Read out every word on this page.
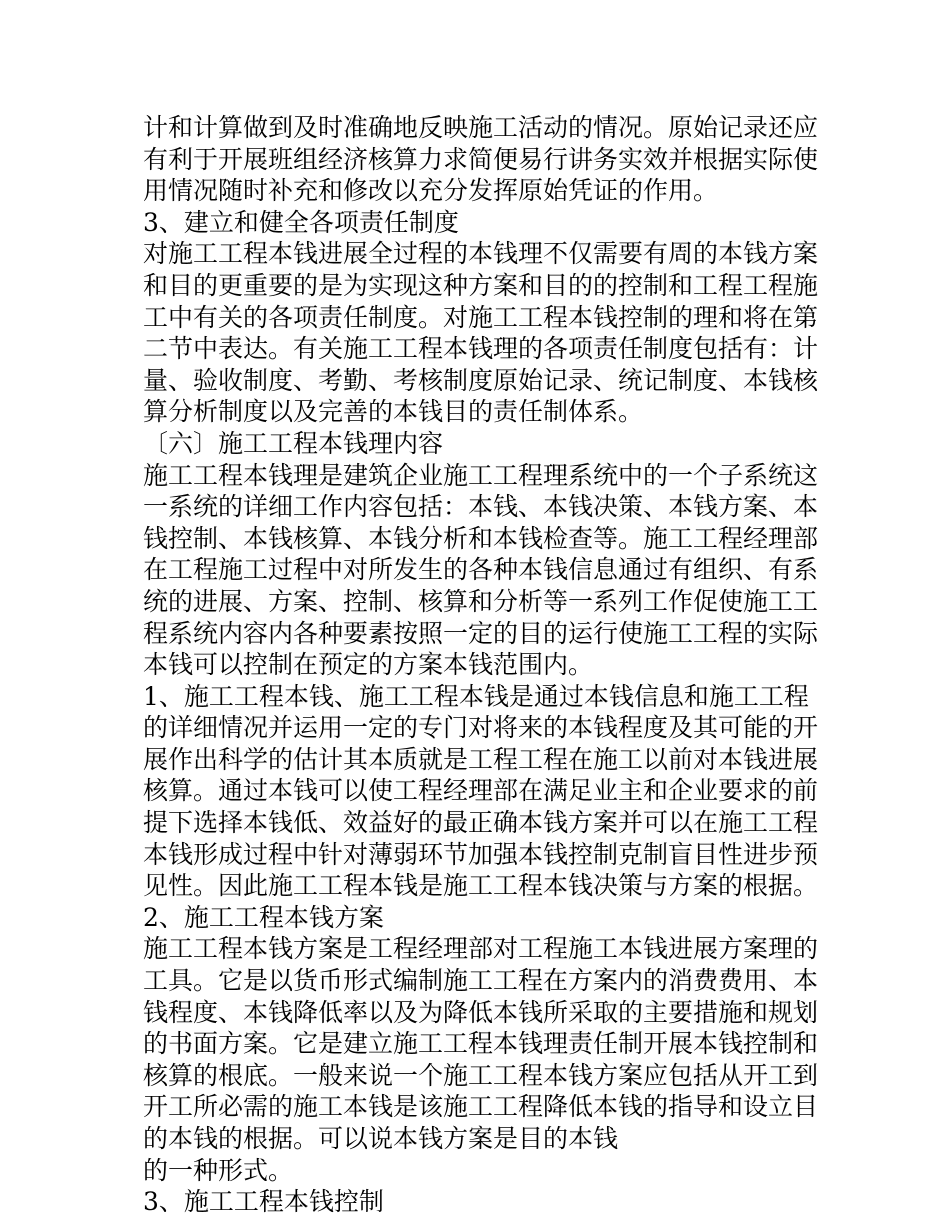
计和计算做到及时准确地反映施工活动的情况。原始记录还应
有利于开展班组经济核算力求简便易行讲务实效并根据实际使
用情况随时补充和修改以充分发挥原始凭证的作用。
3、建立和健全各项责任制度
对施工工程本钱进展全过程的本钱理不仅需要有周的本钱方案
和目的更重要的是为实现这种方案和目的的控制和工程工程施
工中有关的各项责任制度。对施工工程本钱控制的理和将在第
二节中表达。有关施工工程本钱理的各项责任制度包括有：计
量、验收制度、考勤、考核制度原始记录、统记制度、本钱核
算分析制度以及完善的本钱目的责任制体系。
〔六〕施工工程本钱理内容
施工工程本钱理是建筑企业施工工程理系统中的一个子系统这
一系统的详细工作内容包括：本钱、本钱决策、本钱方案、本
钱控制、本钱核算、本钱分析和本钱检查等。施工工程经理部
在工程施工过程中对所发生的各种本钱信息通过有组织、有系
统的进展、方案、控制、核算和分析等一系列工作促使施工工
程系统内容内各种要素按照一定的目的运行使施工工程的实际
本钱可以控制在预定的方案本钱范围内。
1、施工工程本钱、施工工程本钱是通过本钱信息和施工工程
的详细情况并运用一定的专门对将来的本钱程度及其可能的开
展作出科学的估计其本质就是工程工程在施工以前对本钱进展
核算。通过本钱可以使工程经理部在满足业主和企业要求的前
提下选择本钱低、效益好的最正确本钱方案并可以在施工工程
本钱形成过程中针对薄弱环节加强本钱控制克制盲目性进步预
见性。因此施工工程本钱是施工工程本钱决策与方案的根据。
2、施工工程本钱方案
施工工程本钱方案是工程经理部对工程施工本钱进展方案理的
工具。它是以货币形式编制施工工程在方案内的消费费用、本
钱程度、本钱降低率以及为降低本钱所采取的主要措施和规划
的书面方案。它是建立施工工程本钱理责任制开展本钱控制和
核算的根底。一般来说一个施工工程本钱方案应包括从开工到
开工所必需的施工本钱是该施工工程降低本钱的指导和设立目
的本钱的根据。可以说本钱方案是目的本钱
的一种形式。
3、施工工程本钱控制
